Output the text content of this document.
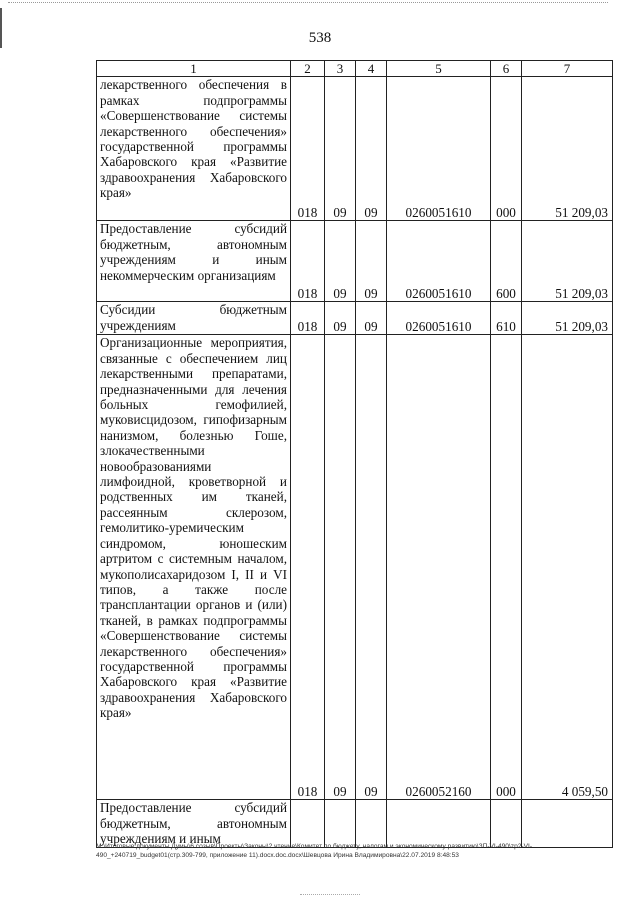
538
1	2	3	4	5	6	7

лекарственного обеспечения в рамках подпрограммы «Совершенствование системы лекарственного обеспечения» государственной программы Хабаровского края «Развитие здравоохранения Хабаровского края»	018	09	09	0260051610	000	51 209,03

Предоставление субсидий бюджетным, автономным учреждениям и иным некоммерческим организациям	018	09	09	0260051610	600	51 209,03

Субсидии бюджетным учреждениям	018	09	09	0260051610	610	51 209,03

Организационные мероприятия, связанные с обеспечением лиц лекарственными препаратами, предназначенными для лечения больных гемофилией, муковисцидозом, гипофизарным нанизмом, болезнью Гоше, злокачественными новообразованиями лимфоидной, кроветворной и родственных им тканей, рассеянным склерозом, гемолитико-уремическим синдромом, юношеским артритом с системным началом, мукополисахаридозом I, II и VI типов, а также после трансплантации органов и (или) тканей, в рамках подпрограммы «Совершенствование системы лекарственного обеспечения» государственной программы Хабаровского края «Развитие здравоохранения Хабаровского края»	018	09	09	0260052160	000	4 059,50

Предоставление субсидий бюджетным, автономным учреждениям и иным						

M:\Итоговые документы Думы\6 созыв\Проекты\Законы\2 чтение\Комитет по бюджету, налогам и экономическому развитию\ЗП-VI-490\zp2-VI-490_+240719_budget01(стр.309-799, приложение 11).docx.doc.docx\Шевцова Ирина Владимировна\22.07.2019 8:48:53
